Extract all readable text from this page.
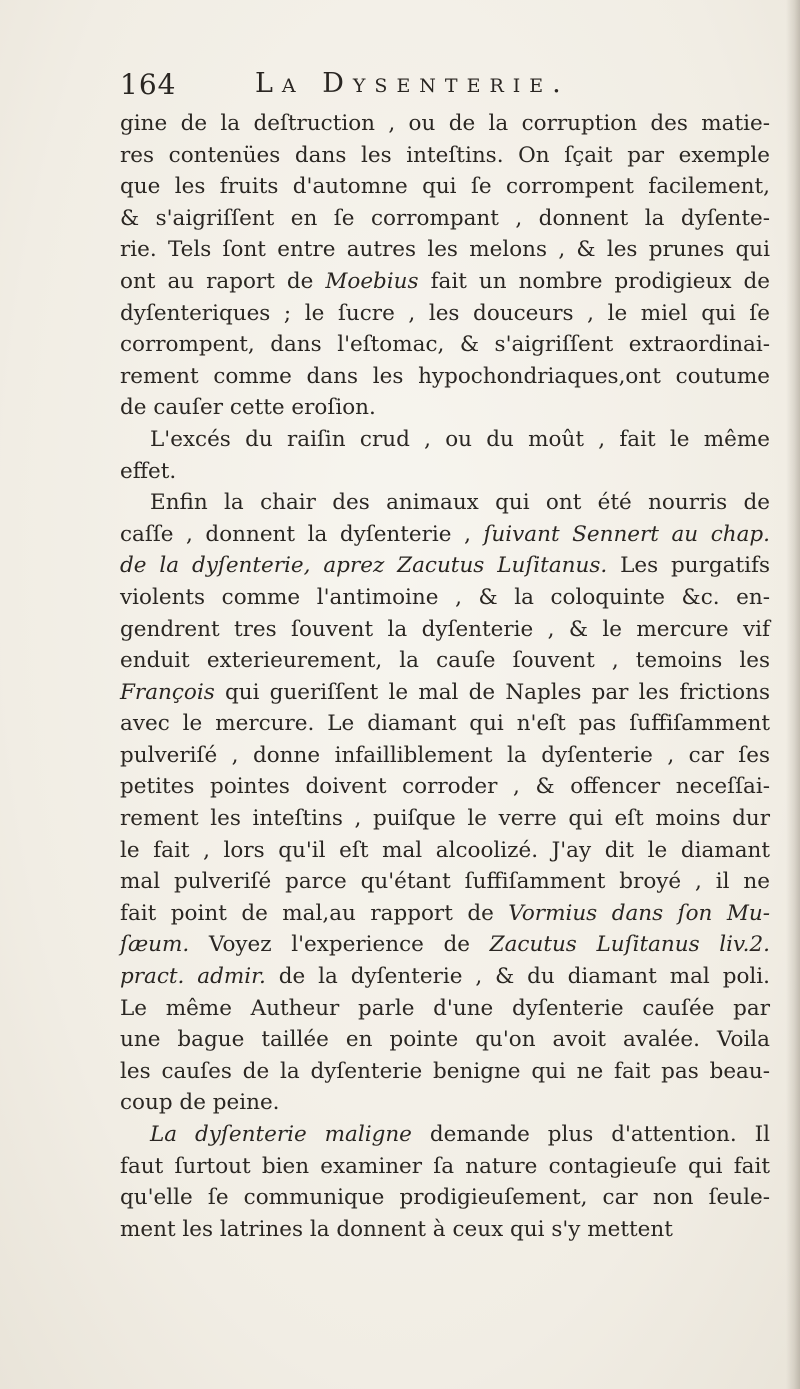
164	La Dysenterie.
gine de la deſtruction , ou de la corruption des matie-
res contenües dans les inteſtins. On ſçait par exemple
que les fruits d'automne qui ſe corrompent facilement,
& s'aigriſſent en ſe corrompant , donnent la dyſente-
rie. Tels ſont entre autres les melons , & les prunes qui
ont au raport de Moebius fait un nombre prodigieux de
dyſenteriques ; le ſucre , les douceurs , le miel qui ſe
corrompent, dans l'eſtomac, & s'aigriſſent extraordinai-
rement comme dans les hypochondriaques,ont coutume
de cauſer cette eroſion.
L'excés du raiſin crud , ou du moût , fait le même
effet.
Enfin la chair des animaux qui ont été nourris de
caſſe , donnent la dyſenterie , ſuivant Sennert au chap.
de la dyſenterie, aprez Zacutus Luſitanus. Les purgatifs
violents comme l'antimoine , & la coloquinte &c. en-
gendrent tres ſouvent la dyſenterie , & le mercure vif
enduit exterieurement, la cauſe ſouvent , temoins les
François qui gueriſſent le mal de Naples par les frictions
avec le mercure. Le diamant qui n'eſt pas ſuffiſamment
pulveriſé , donne infailliblement la dyſenterie , car ſes
petites pointes doivent corroder , & offencer neceſſai-
rement les inteſtins , puiſque le verre qui eſt moins dur
le fait , lors qu'il eſt mal alcoolizé. J'ay dit le diamant
mal pulveriſé parce qu'étant ſuffiſamment broyé , il ne
fait point de mal,au rapport de Vormius dans ſon Mu-
ſæum. Voyez l'experience de Zacutus Luſitanus liv.2.
pract. admir. de la dyſenterie , & du diamant mal poli.
Le même Autheur parle d'une dyſenterie cauſée par
une bague taillée en pointe qu'on avoit avalée. Voila
les cauſes de la dyſenterie benigne qui ne fait pas beau-
coup de peine.
La dyſenterie maligne demande plus d'attention. Il
faut ſurtout bien examiner ſa nature contagieuſe qui fait
qu'elle ſe communique prodigieuſement, car non ſeule-
ment les latrines la donnent à ceux qui s'y mettent
